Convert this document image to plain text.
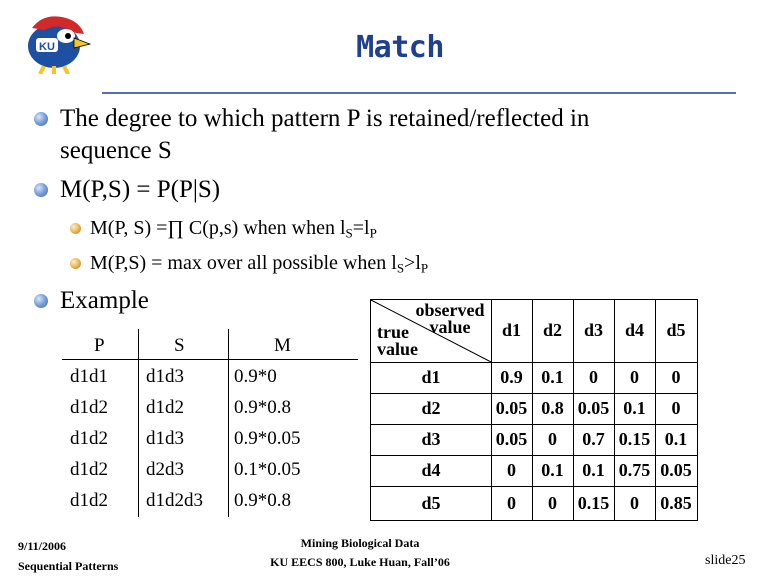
KU	Match
The degree to which pattern P is retained/reflected in
sequence S
M(P,S) = P(P|S)
M(P, S) =∏ C(p,s) when when $l_S=l_P$
M(P,S) = max over all possible when $l_S>l_P$
Example
P	S	M
d1d1 d1d3	0.9*0
d1d2 d1d2	0.9*0.8
d1d2 d1d3	0.9*0.05
d1d2 d2d3	0.1*0.05
d1d2 d1d2d3 0.9*0.8
observed value
true value
d1	d2	d3	d4	d5
d1	0.9	0.1	0	0	0
d2	0.05 0.8 0.05 0.1	0
d3	0.05	0	0.7 0.15 0.1
d4	0	0.1	0.1 0.75 0.05
d5	0	0	0.15	0	0.85
9/11/2006
Sequential Patterns
Mining Biological Data
KU EECS 800, Luke Huan, Fall’06	slide25
